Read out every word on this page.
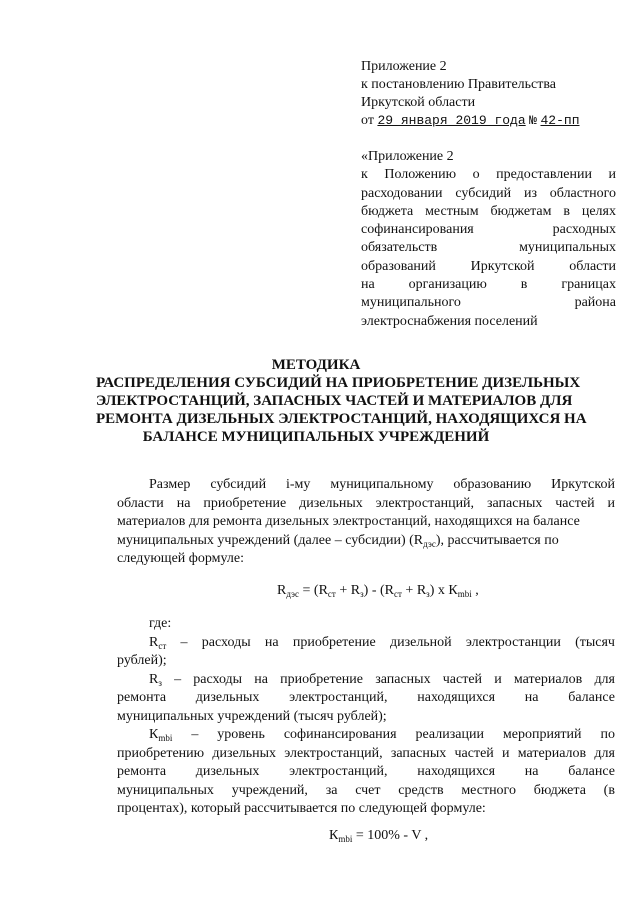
Приложение 2
к постановлению Правительства
Иркутской области
от 29 января 2019 года № 42-пп
«Приложение 2
к Положению о предоставлении и
расходовании субсидий из областного
бюджета местным бюджетам в целях
софинансирования	расходных
обязательств	муниципальных
образований Иркутской области
на организацию в границах
муниципального	района
электроснабжения поселений
МЕТОДИКА
РАСПРЕДЕЛЕНИЯ СУБСИДИЙ НА ПРИОБРЕТЕНИЕ ДИЗЕЛЬНЫХ
ЭЛЕКТРОСТАНЦИЙ, ЗАПАСНЫХ ЧАСТЕЙ И МАТЕРИАЛОВ ДЛЯ
РЕМОНТА ДИЗЕЛЬНЫХ ЭЛЕКТРОСТАНЦИЙ, НАХОДЯЩИХСЯ НА
БАЛАНСЕ МУНИЦИПАЛЬНЫХ УЧРЕЖДЕНИЙ
Размер субсидий i-му муниципальному образованию Иркутской
области на приобретение дизельных электростанций, запасных частей и
материалов для ремонта дизельных электростанций, находящихся на балансе
муниципальных учреждений (далее – субсидии) $(R_{дэс})$, рассчитывается по
следующей формуле:
$R_{дэс} = (R_{ст} + R_з) - (R_{ст} + R_з)$ х $К_{mbi}$ ,
где:
$R_{ст}$ – расходы на приобретение дизельной электростанции (тысяч
рублей);
$R_з$ – расходы на приобретение запасных частей и материалов для
ремонта дизельных электростанций, находящихся на балансе
муниципальных учреждений (тысяч рублей);
$К_{mbi}$ – уровень софинансирования реализации мероприятий по
приобретению дизельных электростанций, запасных частей и материалов для
ремонта дизельных электростанций, находящихся на балансе
муниципальных учреждений, за счет средств местного бюджета (в
процентах), который рассчитывается по следующей формуле:
$К_{mbi} = 100\% - V$ ,
